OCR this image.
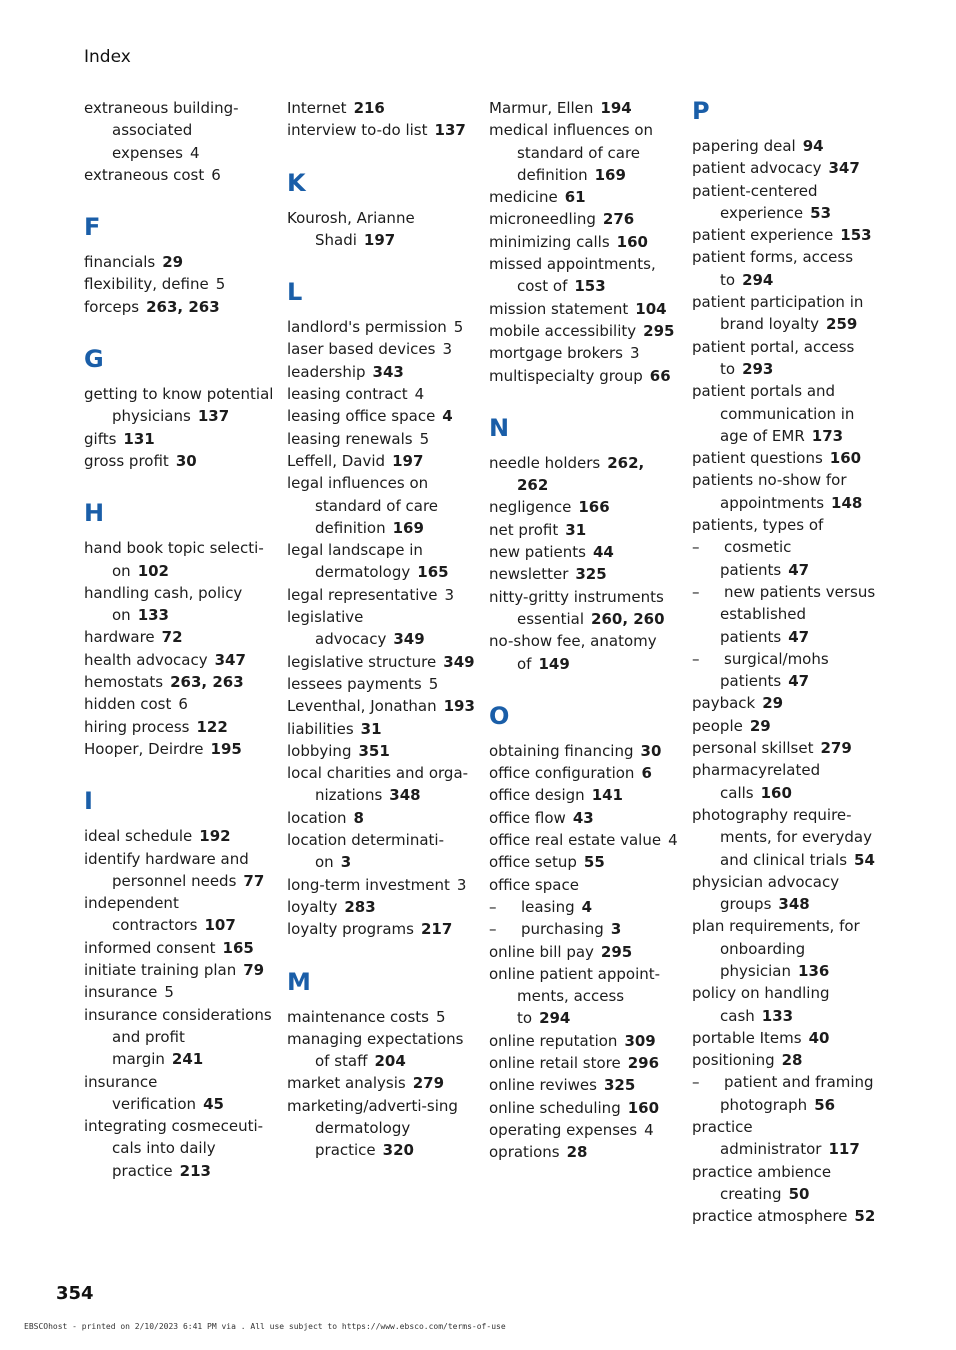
Index
extraneous building-associated expenses 4
extraneous cost 6
F
financials 29
flexibility, define 5
forceps 263, 263
G
getting to know potential physicians 137
gifts 131
gross profit 30
H
hand book topic selecti-on 102
handling cash, policy on 133
hardware 72
health advocacy 347
hemostats 263, 263
hidden cost 6
hiring process 122
Hooper, Deirdre 195
I
ideal schedule 192
identify hardware and personnel needs 77
independent contractors 107
informed consent 165
initiate training plan 79
insurance 5
insurance considerations and profit margin 241
insurance verification 45
integrating cosmeceuti-cals into daily practice 213
Internet 216
interview to-do list 137
K
Kourosh, Arianne Shadi 197
L
landlord's permission 5
laser based devices 3
leadership 343
leasing contract 4
leasing office space 4
leasing renewals 5
Leffell, David 197
legal influences on standard of care definition 169
legal landscape in dermatology 165
legal representative 3
legislative advocacy 349
legislative structure 349
lessees payments 5
Leventhal, Jonathan 193
liabilities 31
lobbying 351
local charities and orga-nizations 348
location 8
location determinati-on 3
long-term investment 3
loyalty 283
loyalty programs 217
M
maintenance costs 5
managing expectations of staff 204
market analysis 279
marketing/adverti-sing dermatology practice 320
Marmur, Ellen 194
medical influences on standard of care definition 169
medicine 61
microneedling 276
minimizing calls 160
missed appointments, cost of 153
mission statement 104
mobile accessibility 295
mortgage brokers 3
multispecialty group 66
N
needle holders 262, 262
negligence 166
net profit 31
new patients 44
newsletter 325
nitty-gritty instruments essential 260, 260
no-show fee, anatomy of 149
O
obtaining financing 30
office configuration 6
office design 141
office flow 43
office real estate value 4
office setup 55
office space
– leasing 4
– purchasing 3
online bill pay 295
online patient appoint-ments, access to 294
online reputation 309
online retail store 296
online reviwes 325
online scheduling 160
operating expenses 4
oprations 28
P
papering deal 94
patient advocacy 347
patient-centered experience 53
patient experience 153
patient forms, access to 294
patient participation in brand loyalty 259
patient portal, access to 293
patient portals and communication in age of EMR 173
patient questions 160
patients no-show for appointments 148
patients, types of
– cosmetic patients 47
– new patients versus established patients 47
– surgical/mohs patients 47
payback 29
people 29
personal skillset 279
pharmacyrelated calls 160
photography require-ments, for everyday and clinical trials 54
physician advocacy groups 348
plan requirements, for onboarding physician 136
policy on handling cash 133
portable Items 40
positioning 28
– patient and framing photograph 56
practice administrator 117
practice ambience creating 50
practice atmosphere 52
354
EBSCOhost - printed on 2/10/2023 6:41 PM via . All use subject to https://www.ebsco.com/terms-of-use
